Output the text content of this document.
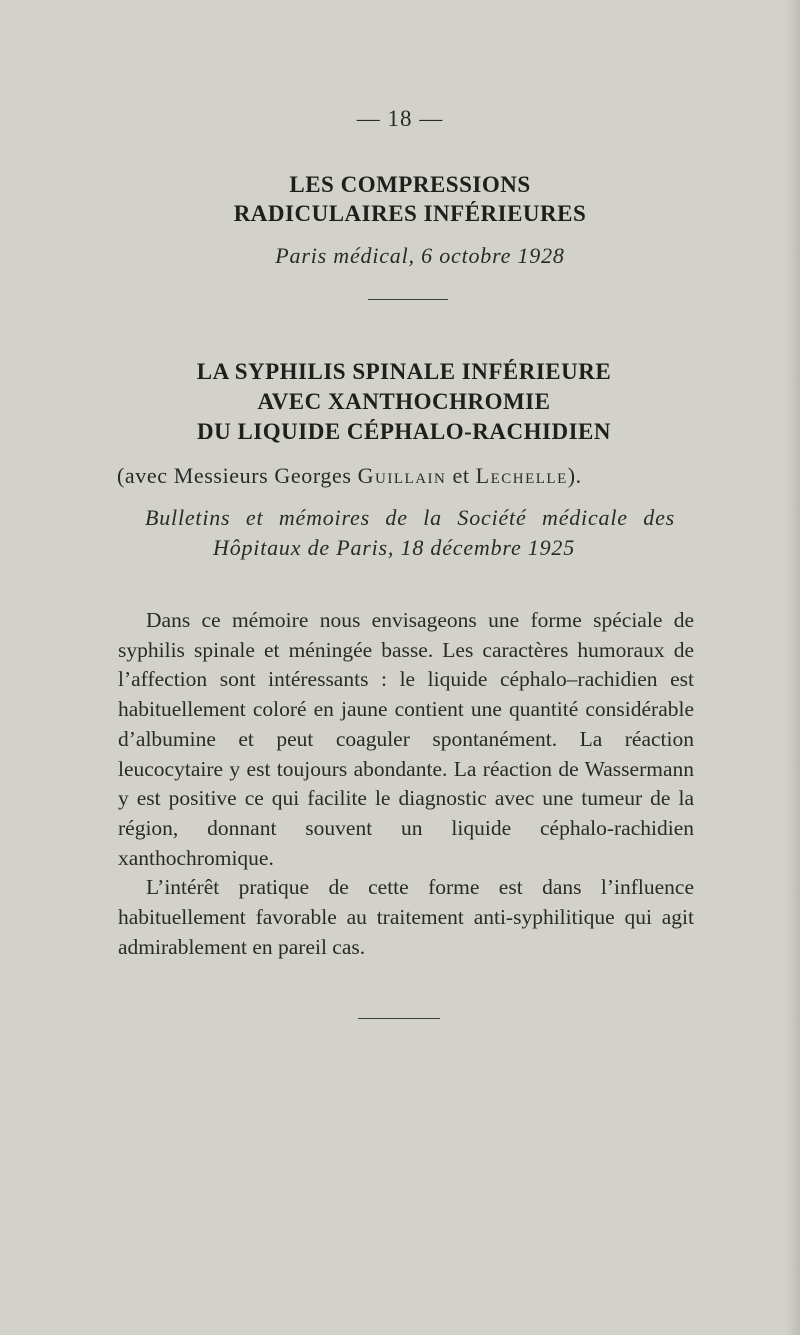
— 18 —
LES COMPRESSIONS
RADICULAIRES INFÉRIEURES
Paris médical, 6 octobre 1928
LA SYPHILIS SPINALE INFÉRIEURE
AVEC XANTHOCHROMIE
DU LIQUIDE CÉPHALO-RACHIDIEN
(avec Messieurs Georges Guillain et Lechelle).
Bulletins et mémoires de la Société médicale des
Hôpitaux de Paris, 18 décembre 1925

Dans ce mémoire nous envisageons une forme spéciale de syphilis spinale et méningée basse. Les caractères humoraux de l’affection sont intéressants : le liquide céphalo–rachidien est habituellement coloré en jaune contient une quantité considérable d’albumine et peut coaguler spontanément. La réaction leucocytaire y est toujours abondante. La réaction de Wassermann y est positive ce qui facilite le diagnostic avec une tumeur de la région, donnant souvent un liquide céphalo-rachidien xanthochromique.

L’intérêt pratique de cette forme est dans l’influence habituellement favorable au traitement anti-syphilitique qui agit admirablement en pareil cas.
